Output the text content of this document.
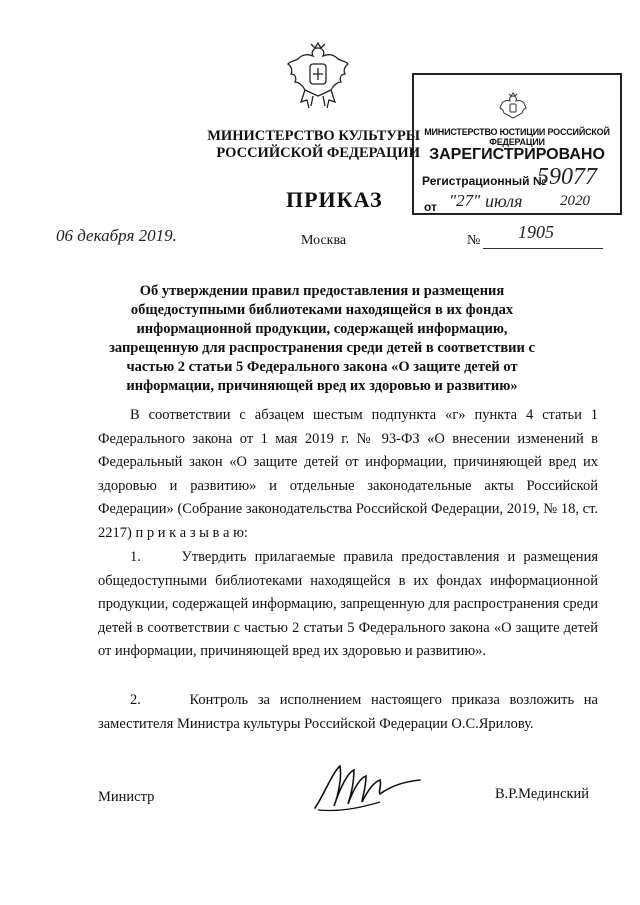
МИНИСТЕРСТВО КУЛЬТУРЫ
РОССИЙСКОЙ ФЕДЕРАЦИИ
МИНИСТЕРСТВО ЮСТИЦИИ РОССИЙСКОЙ ФЕДЕРАЦИИ
ЗАРЕГИСТРИРОВАНО
Регистрационный №
59077
от "27" июля	2020
ПРИКАЗ
06 декабря 2019.	Москва	№ 1905
Об утверждении правил предоставления и размещения общедоступными библиотеками находящейся в их фондах информационной продукции, содержащей информацию, запрещенную для распространения среди детей в соответствии с частью 2 статьи 5 Федерального закона «О защите детей от информации, причиняющей вред их здоровью и развитию»
В соответствии с абзацем шестым подпункта «г» пункта 4 статьи 1 Федерального закона от 1 мая 2019 г. № 93-ФЗ «О внесении изменений в Федеральный закон «О защите детей от информации, причиняющей вред их здоровью и развитию» и отдельные законодательные акты Российской Федерации» (Собрание законодательства Российской Федерации, 2019, № 18, ст. 2217) п р и к а з ы в а ю:
1.     Утвердить прилагаемые правила предоставления и размещения общедоступными библиотеками находящейся в их фондах информационной продукции, содержащей информацию, запрещенную для распространения среди детей в соответствии с частью 2 статьи 5 Федерального закона «О защите детей от информации, причиняющей вред их здоровью и развитию».
2.     Контроль за исполнением настоящего приказа возложить на заместителя Министра культуры Российской Федерации О.С.Ярилову.
Министр	В.Р.Мединский
